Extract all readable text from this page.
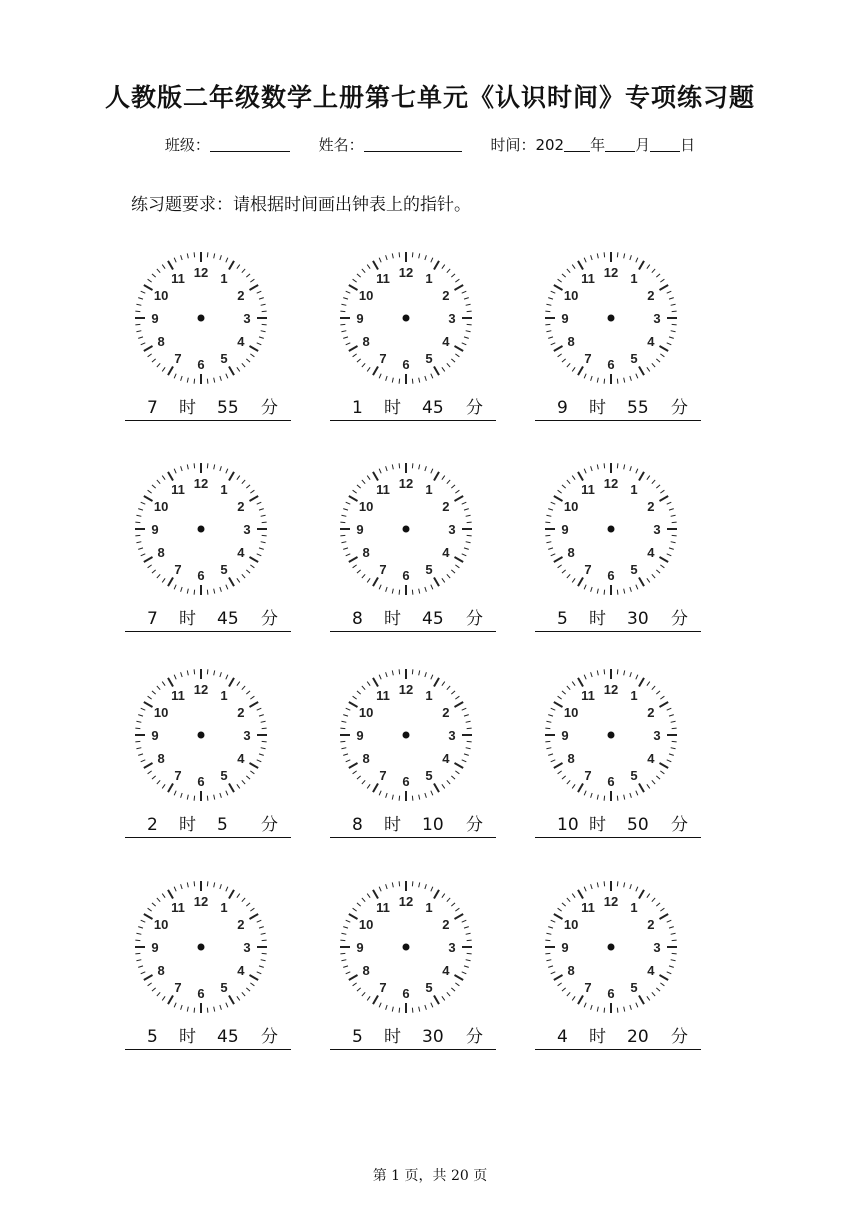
人教版二年级数学上册第七单元《认识时间》专项练习题
班级：	姓名：	时间：202 年 月 日
练习题要求：请根据时间画出钟表上的指针。
12 1
2
3
4
5
6
7
8
9
10
11
7 时 55 分
12 1
2
3
4
5
6
7
8
9
10
11
1 时 45 分
12 1
2
3
4
5
6
7
8
9
10
11
9 时 55 分
12 1
2
3
4
5
6
7
8
9
10
11
7 时 45 分
12 1
2
3
4
5
6
7
8
9
10
11
8 时 45 分
12 1
2
3
4
5
6
7
8
9
10
11
5 时 30 分
12 1
2
3
4
5
6
7
8
9
10
11
2 时 5 分
12 1
2
3
4
5
6
7
8
9
10
11
8 时 10 分
12 1
2
3
4
5
6
7
8
9
10
11
10 时 50 分
12 1
2
3
4
5
6
7
8
9
10
11
5 时 45 分
12 1
2
3
4
5
6
7
8
9
10
11
5 时 30 分
12 1
2
3
4
5
6
7
8
9
10
11
4 时 20 分
第 1 页，共 20 页
